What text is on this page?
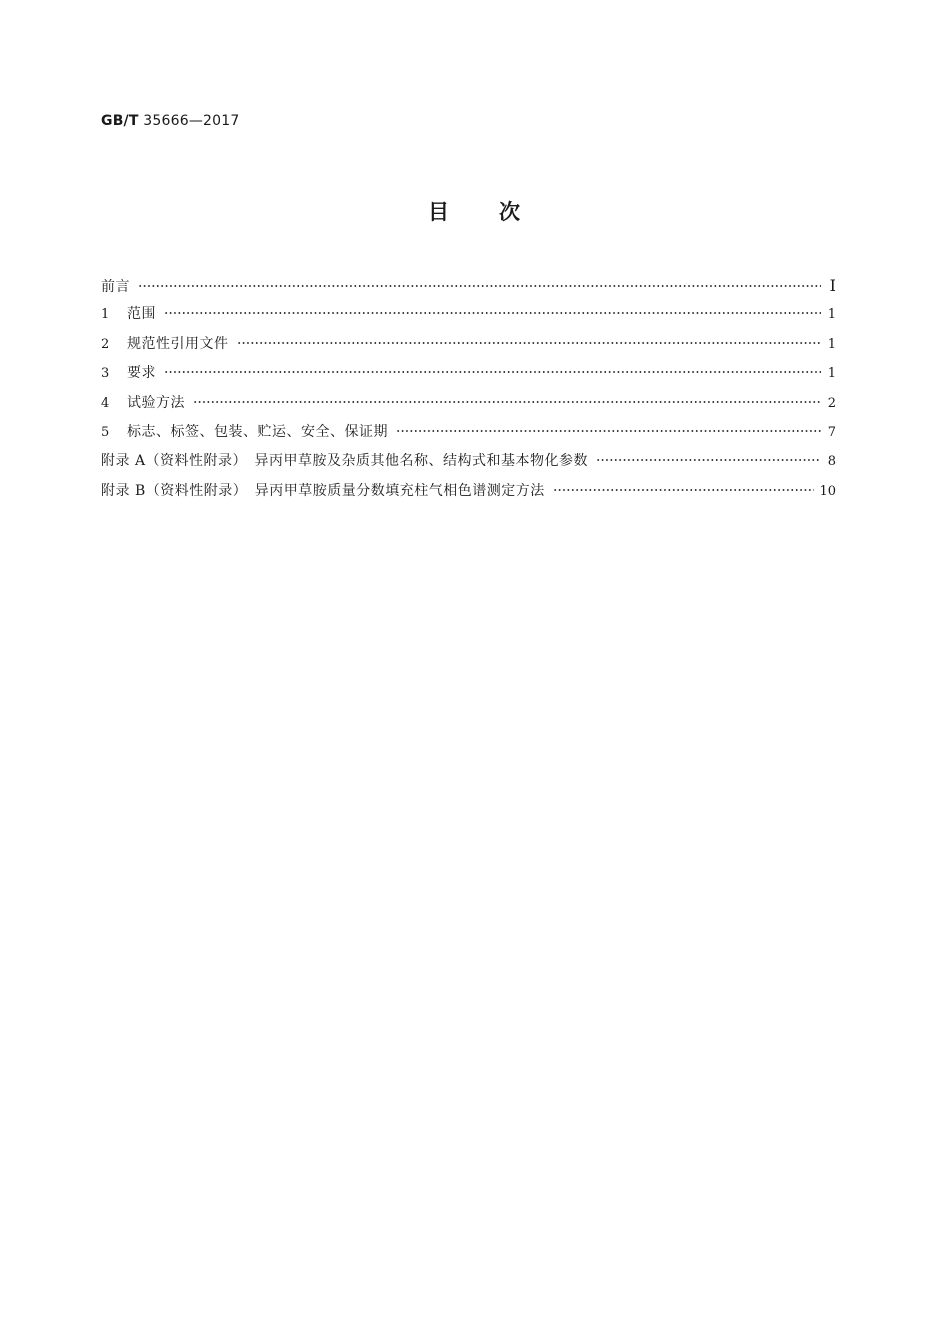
GB/T 35666—2017
目 次
前言	Ⅰ
1	范围	1
2	规范性引用文件	1
3	要求	1
4	试验方法	2
5	标志、标签、包装、贮运、安全、保证期	7
附录 A（资料性附录）　异丙甲草胺及杂质其他名称、结构式和基本物化参数	8
附录 B（资料性附录）　异丙甲草胺质量分数填充柱气相色谱测定方法	10
